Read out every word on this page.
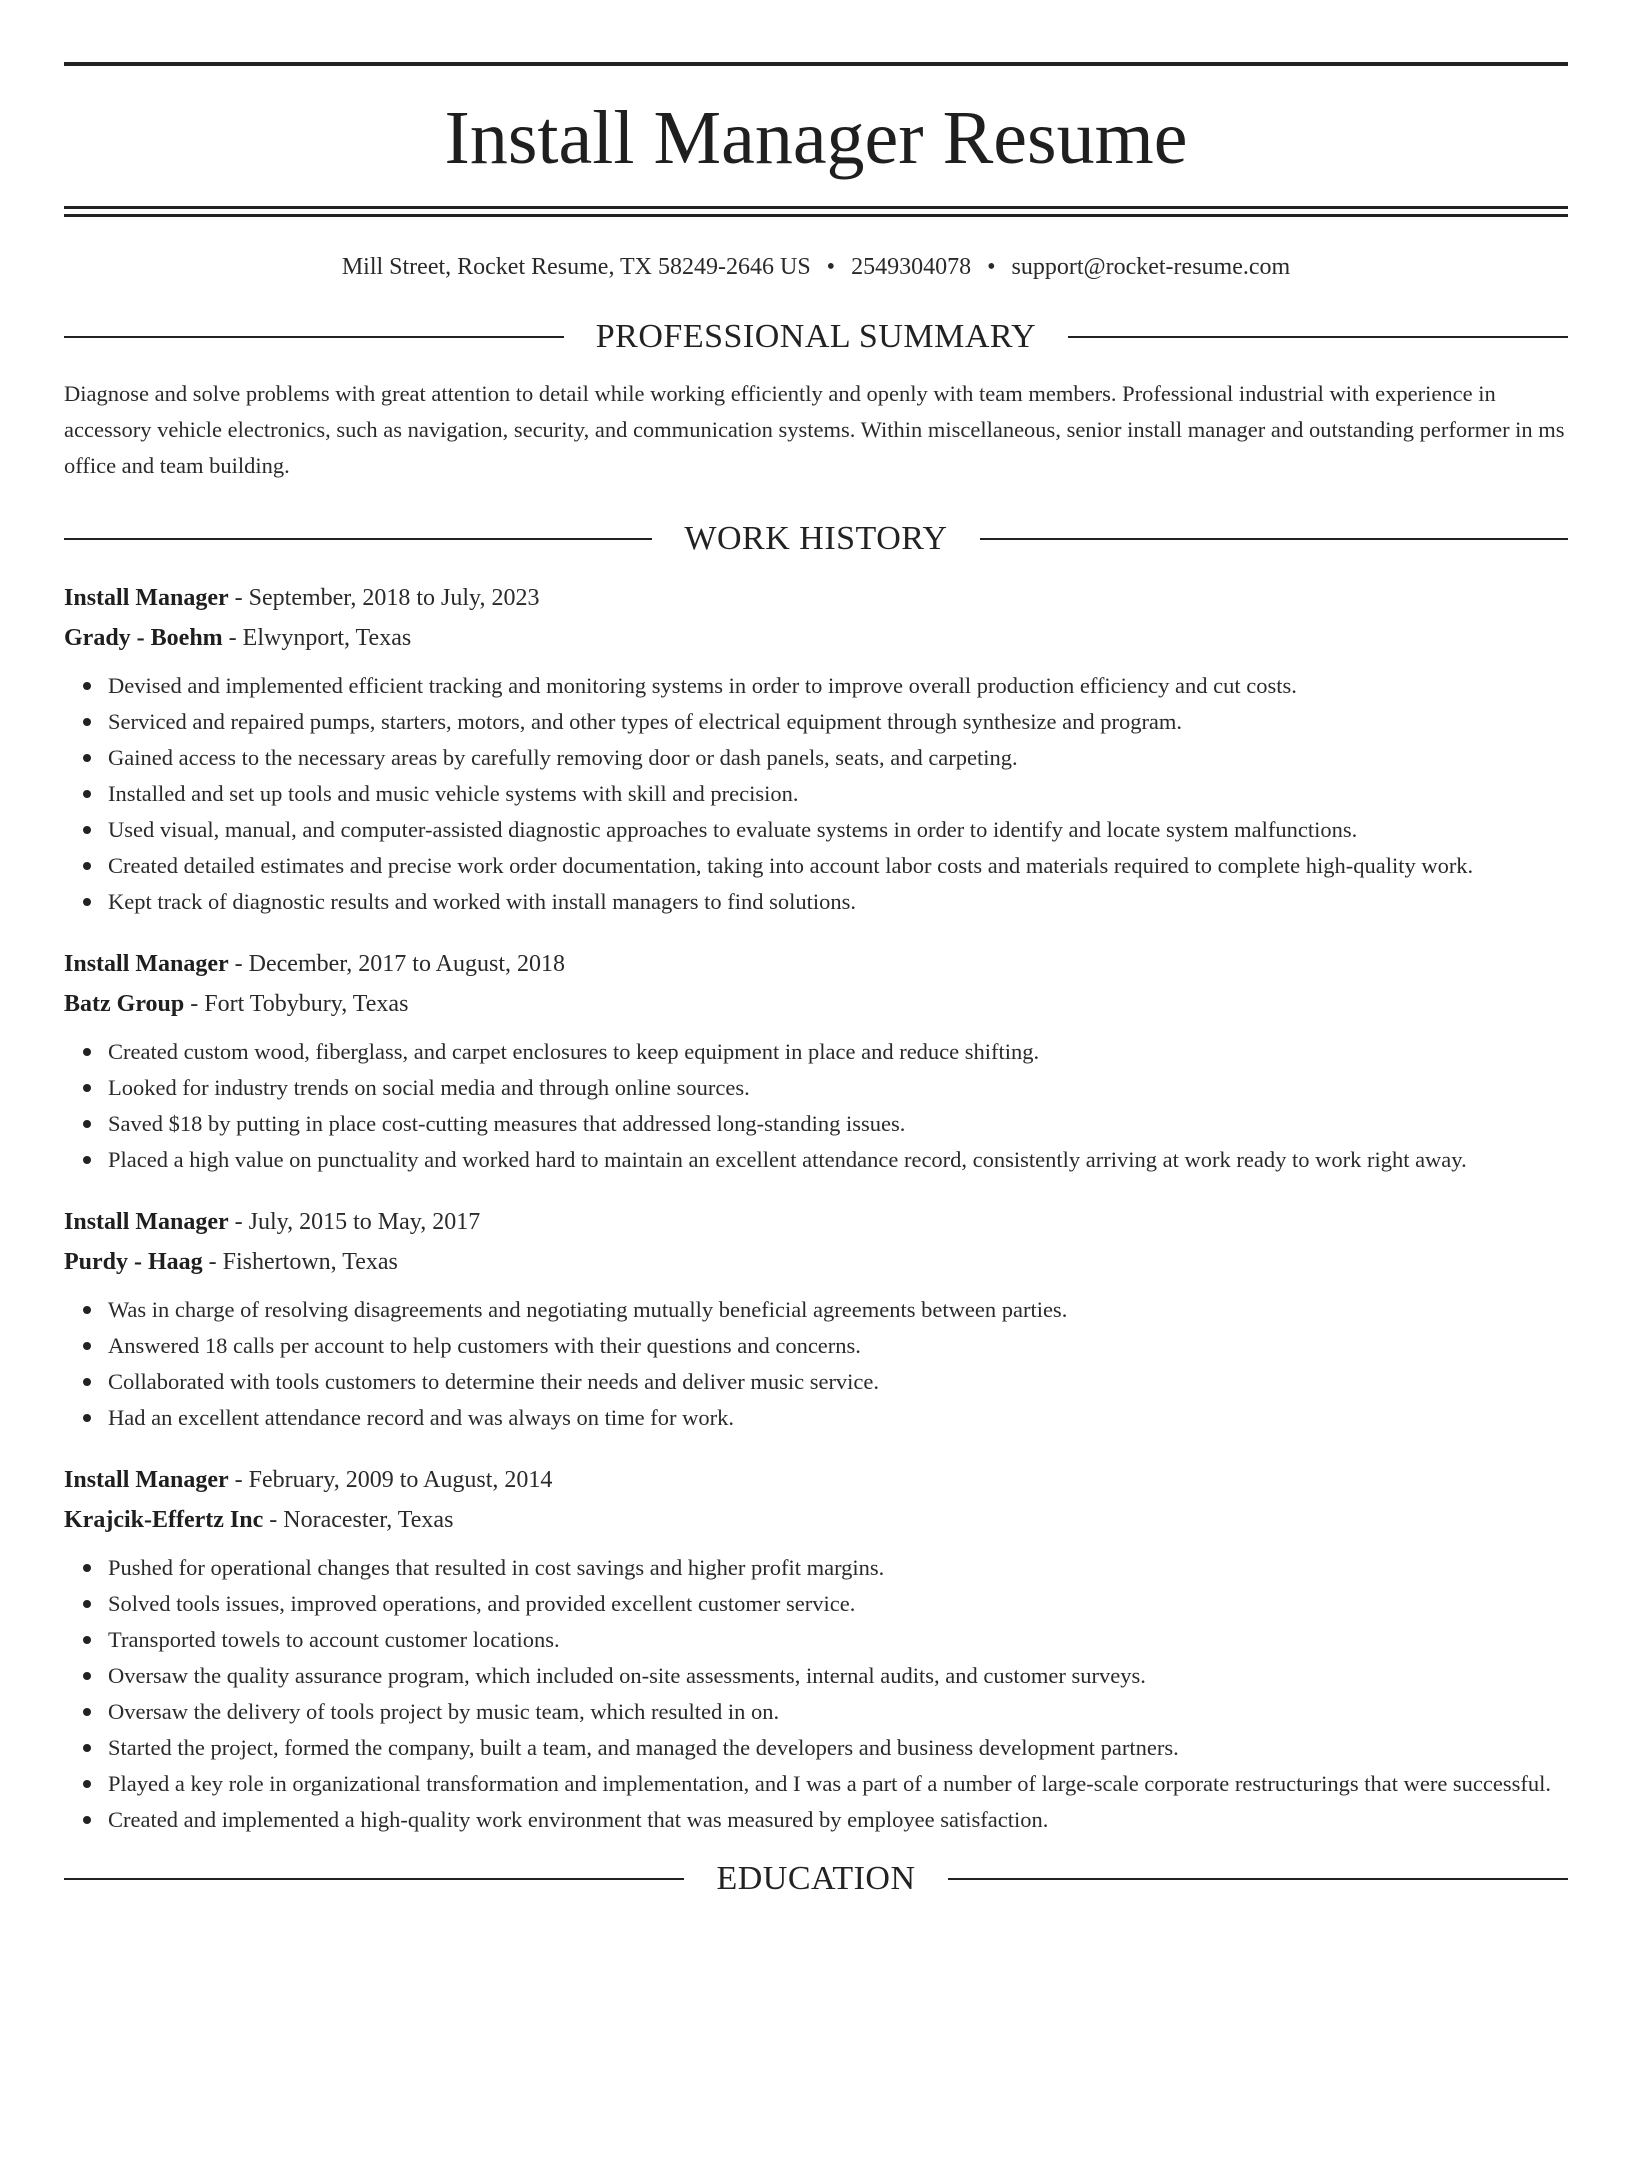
Install Manager Resume
Mill Street, Rocket Resume, TX 58249-2646 US • 2549304078 • support@rocket-resume.com
PROFESSIONAL SUMMARY

Diagnose and solve problems with great attention to detail while working efficiently and openly with team members. Professional industrial with experience in accessory vehicle electronics, such as navigation, security, and communication systems. Within miscellaneous, senior install manager and outstanding performer in ms office and team building.

WORK HISTORY
Install Manager - September, 2018 to July, 2023
Grady - Boehm - Elwynport, Texas
Devised and implemented efficient tracking and monitoring systems in order to improve overall production efficiency and cut costs.
Serviced and repaired pumps, starters, motors, and other types of electrical equipment through synthesize and program.
Gained access to the necessary areas by carefully removing door or dash panels, seats, and carpeting.
Installed and set up tools and music vehicle systems with skill and precision.
Used visual, manual, and computer-assisted diagnostic approaches to evaluate systems in order to identify and locate system malfunctions.
Created detailed estimates and precise work order documentation, taking into account labor costs and materials required to complete high-quality work.
Kept track of diagnostic results and worked with install managers to find solutions.
Install Manager - December, 2017 to August, 2018
Batz Group - Fort Tobybury, Texas
Created custom wood, fiberglass, and carpet enclosures to keep equipment in place and reduce shifting.
Looked for industry trends on social media and through online sources.
Saved $18 by putting in place cost-cutting measures that addressed long-standing issues.
Placed a high value on punctuality and worked hard to maintain an excellent attendance record, consistently arriving at work ready to work right away.
Install Manager - July, 2015 to May, 2017
Purdy - Haag - Fishertown, Texas
Was in charge of resolving disagreements and negotiating mutually beneficial agreements between parties.
Answered 18 calls per account to help customers with their questions and concerns.
Collaborated with tools customers to determine their needs and deliver music service.
Had an excellent attendance record and was always on time for work.
Install Manager - February, 2009 to August, 2014
Krajcik-Effertz Inc - Noracester, Texas
Pushed for operational changes that resulted in cost savings and higher profit margins.
Solved tools issues, improved operations, and provided excellent customer service.
Transported towels to account customer locations.
Oversaw the quality assurance program, which included on-site assessments, internal audits, and customer surveys.
Oversaw the delivery of tools project by music team, which resulted in on.
Started the project, formed the company, built a team, and managed the developers and business development partners.
Played a key role in organizational transformation and implementation, and I was a part of a number of large-scale corporate restructurings that were successful.
Created and implemented a high-quality work environment that was measured by employee satisfaction.
EDUCATION
